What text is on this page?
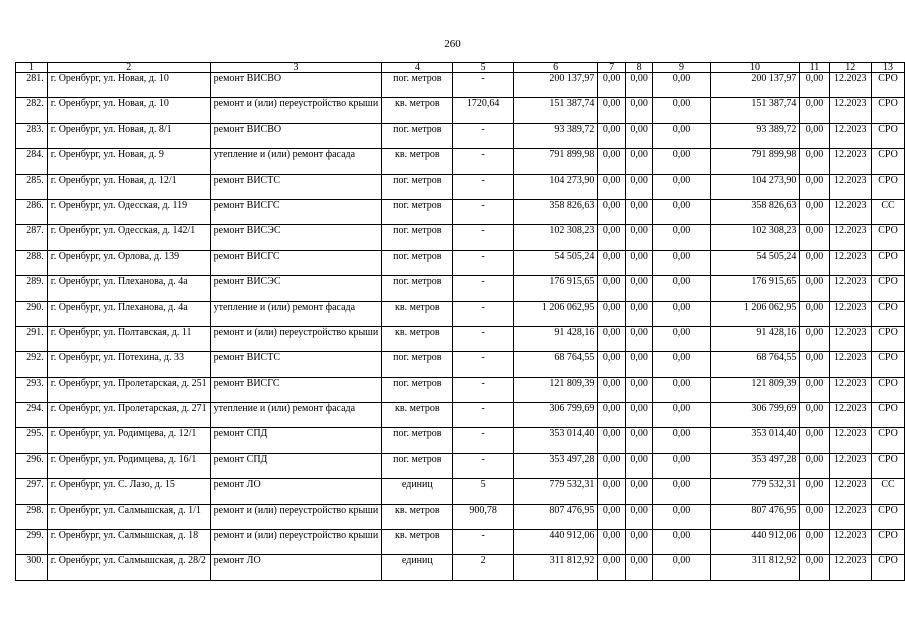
260
1	2	3	4	5	6	7	8	9	10	11	12	13
281.	г. Оренбург, ул. Новая, д. 10	ремонт ВИСВО	пог. метров	-	200 137,97	0,00	0,00	0,00	200 137,97	0,00	12.2023	СРО
282.	г. Оренбург, ул. Новая, д. 10	ремонт и (или) переустройство крыши	кв. метров	1720,64	151 387,74	0,00	0,00	0,00	151 387,74	0,00	12.2023	СРО
283.	г. Оренбург, ул. Новая, д. 8/1	ремонт ВИСВО	пог. метров	-	93 389,72	0,00	0,00	0,00	93 389,72	0,00	12.2023	СРО
284.	г. Оренбург, ул. Новая, д. 9	утепление и (или) ремонт фасада	кв. метров	-	791 899,98	0,00	0,00	0,00	791 899,98	0,00	12.2023	СРО
285.	г. Оренбург, ул. Новая, д. 12/1	ремонт ВИСТС	пог. метров	-	104 273,90	0,00	0,00	0,00	104 273,90	0,00	12.2023	СРО
286.	г. Оренбург, ул. Одесская, д. 119	ремонт ВИСГС	пог. метров	-	358 826,63	0,00	0,00	0,00	358 826,63	0,00	12.2023	СС
287.	г. Оренбург, ул. Одесская, д. 142/1	ремонт ВИСЭС	пог. метров	-	102 308,23	0,00	0,00	0,00	102 308,23	0,00	12.2023	СРО
288.	г. Оренбург, ул. Орлова, д. 139	ремонт ВИСГС	пог. метров	-	54 505,24	0,00	0,00	0,00	54 505,24	0,00	12.2023	СРО
289.	г. Оренбург, ул. Плеханова, д. 4а	ремонт ВИСЭС	пог. метров	-	176 915,65	0,00	0,00	0,00	176 915,65	0,00	12.2023	СРО
290.	г. Оренбург, ул. Плеханова, д. 4а	утепление и (или) ремонт фасада	кв. метров	-	1 206 062,95	0,00	0,00	0,00	1 206 062,95	0,00	12.2023	СРО
291.	г. Оренбург, ул. Полтавская, д. 11	ремонт и (или) переустройство крыши	кв. метров	-	91 428,16	0,00	0,00	0,00	91 428,16	0,00	12.2023	СРО
292.	г. Оренбург, ул. Потехина, д. 33	ремонт ВИСТС	пог. метров	-	68 764,55	0,00	0,00	0,00	68 764,55	0,00	12.2023	СРО
293.	г. Оренбург, ул. Пролетарская, д. 251	ремонт ВИСГС	пог. метров	-	121 809,39	0,00	0,00	0,00	121 809,39	0,00	12.2023	СРО
294.	г. Оренбург, ул. Пролетарская, д. 271	утепление и (или) ремонт фасада	кв. метров	-	306 799,69	0,00	0,00	0,00	306 799,69	0,00	12.2023	СРО
295.	г. Оренбург, ул. Родимцева, д. 12/1	ремонт СПД	пог. метров	-	353 014,40	0,00	0,00	0,00	353 014,40	0,00	12.2023	СРО
296.	г. Оренбург, ул. Родимцева, д. 16/1	ремонт СПД	пог. метров	-	353 497,28	0,00	0,00	0,00	353 497,28	0,00	12.2023	СРО
297.	г. Оренбург, ул. С. Лазо, д. 15	ремонт ЛО	единиц	5	779 532,31	0,00	0,00	0,00	779 532,31	0,00	12.2023	СС
298.	г. Оренбург, ул. Салмышская, д. 1/1	ремонт и (или) переустройство крыши	кв. метров	900,78	807 476,95	0,00	0,00	0,00	807 476,95	0,00	12.2023	СРО
299.	г. Оренбург, ул. Салмышская, д. 18	ремонт и (или) переустройство крыши	кв. метров	-	440 912,06	0,00	0,00	0,00	440 912,06	0,00	12.2023	СРО
300.	г. Оренбург, ул. Салмышская, д. 28/2	ремонт ЛО	единиц	2	311 812,92	0,00	0,00	0,00	311 812,92	0,00	12.2023	СРО
